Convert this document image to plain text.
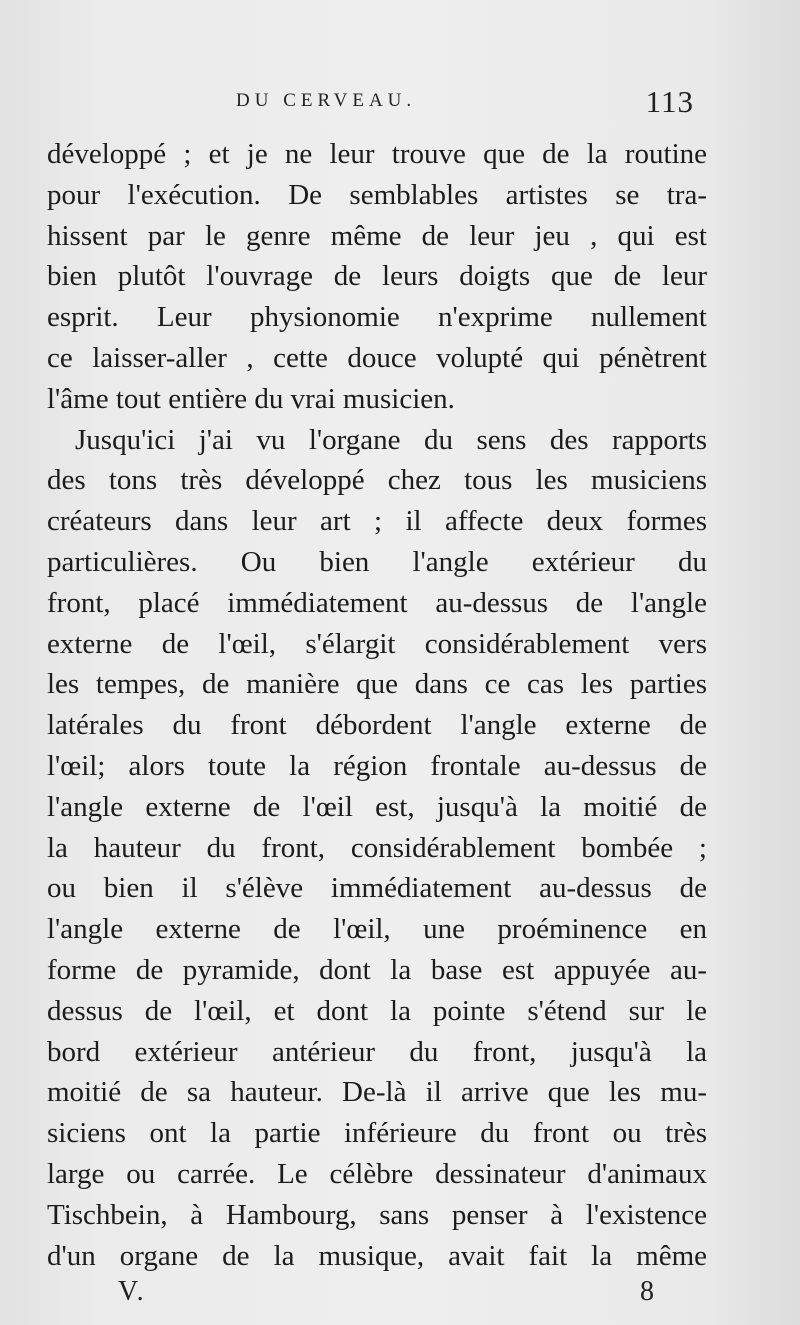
DU CERVEAU.	113
développé ; et je ne leur trouve que de la routine
pour l'exécution. De semblables artistes se tra-
hissent par le genre même de leur jeu , qui est
bien plutôt l'ouvrage de leurs doigts que de leur
esprit. Leur physionomie n'exprime nullement
ce laisser-aller , cette douce volupté qui pénètrent
l'âme tout entière du vrai musicien.
Jusqu'ici j'ai vu l'organe du sens des rapports
des tons très développé chez tous les musiciens
créateurs dans leur art ; il affecte deux formes
particulières. Ou bien l'angle extérieur du
front, placé immédiatement au-dessus de l'angle
externe de l'œil, s'élargit considérablement vers
les tempes, de manière que dans ce cas les parties
latérales du front débordent l'angle externe de
l'œil; alors toute la région frontale au-dessus de
l'angle externe de l'œil est, jusqu'à la moitié de
la hauteur du front, considérablement bombée ;
ou bien il s'élève immédiatement au-dessus de
l'angle externe de l'œil, une proéminence en
forme de pyramide, dont la base est appuyée au-
dessus de l'œil, et dont la pointe s'étend sur le
bord extérieur antérieur du front, jusqu'à la
moitié de sa hauteur. De-là il arrive que les mu-
siciens ont la partie inférieure du front ou très
large ou carrée. Le célèbre dessinateur d'animaux
Tischbein, à Hambourg, sans penser à l'existence
d'un organe de la musique, avait fait la même
V.	8
